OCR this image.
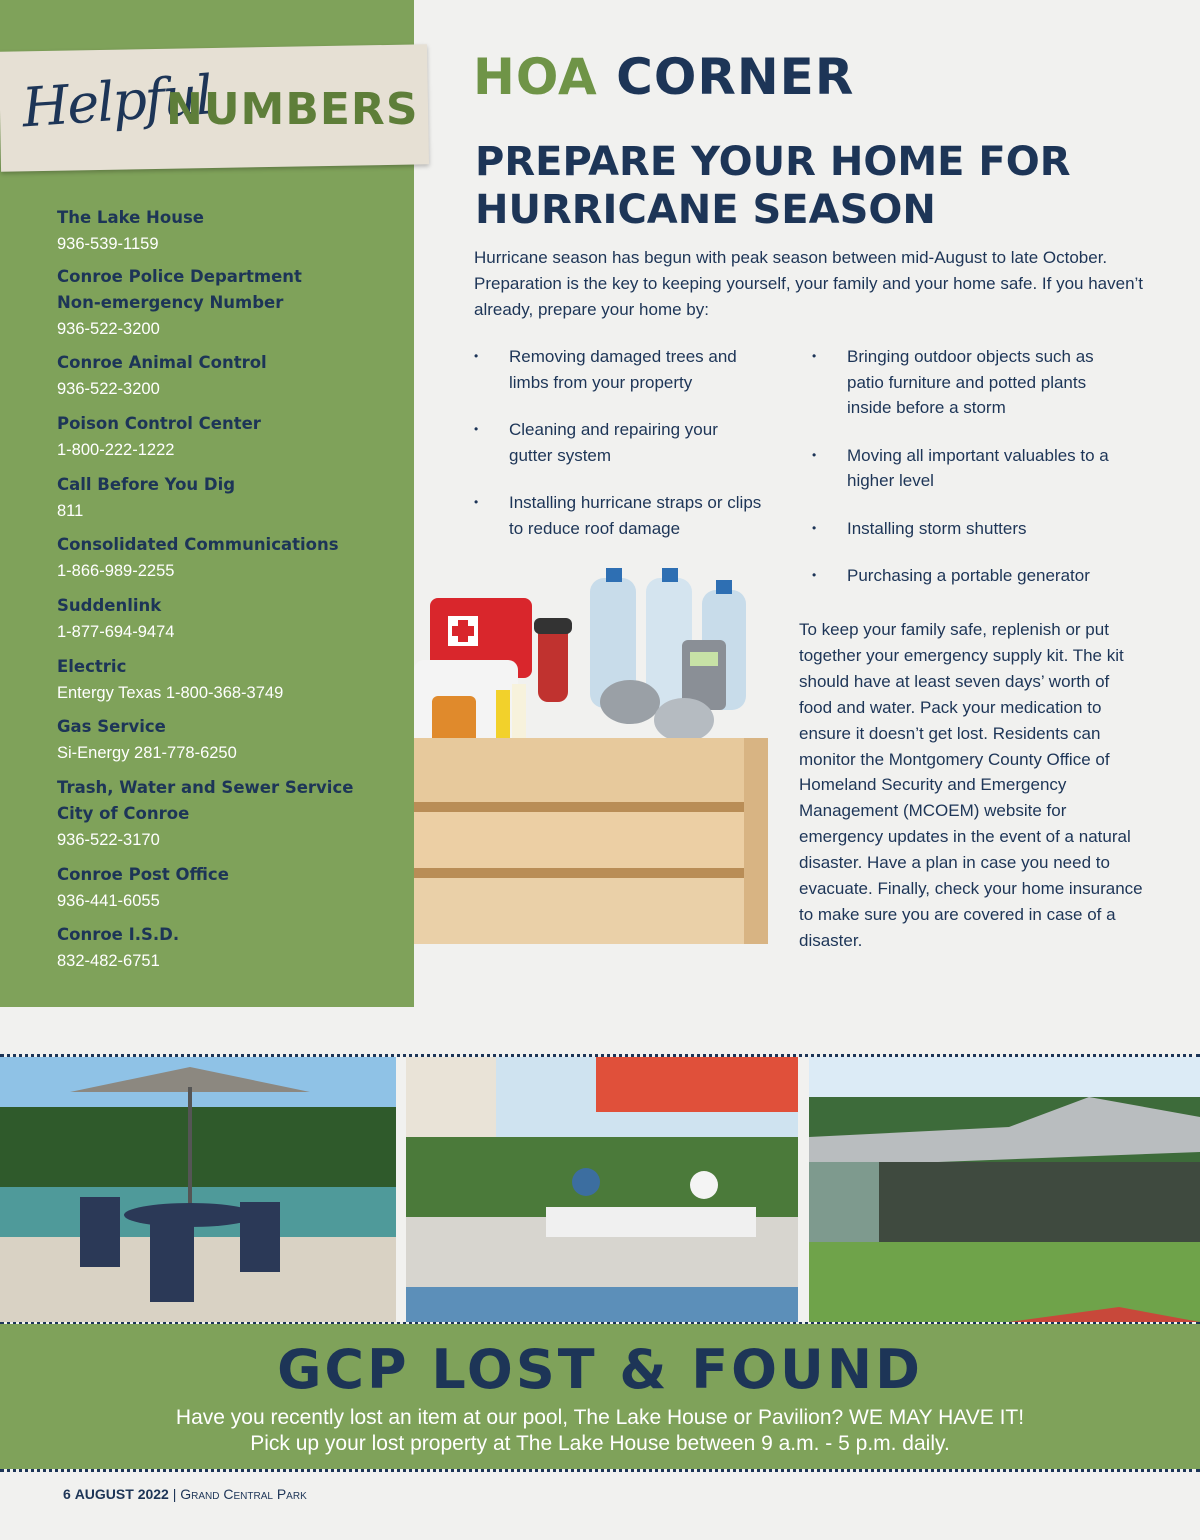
Helpful
NUMBERS
The Lake House
936-539-1159
Conroe Police Department
Non-emergency Number
936-522-3200
Conroe Animal Control
936-522-3200
Poison Control Center
1-800-222-1222
Call Before You Dig
811
Consolidated Communications
1-866-989-2255
Suddenlink
1-877-694-9474
Electric
Entergy Texas 1-800-368-3749
Gas Service
Si-Energy 281-778-6250
Trash, Water and Sewer Service
City of Conroe
936-522-3170
Conroe Post Office
936-441-6055
Conroe I.S.D.
832-482-6751
HOA CORNER
PREPARE YOUR HOME FOR
HURRICANE SEASON

Hurricane season has begun with peak season between mid-August to late October. Preparation is the key to keeping yourself, your family and your home safe. If you haven’t already, prepare your home by:

• Removing damaged trees and limbs from your property
• Cleaning and repairing your gutter system
• Installing hurricane straps or clips to reduce roof damage
• Bringing outdoor objects such as patio furniture and potted plants inside before a storm
• Moving all important valuables to a higher level
• Installing storm shutters
• Purchasing a portable generator

To keep your family safe, replenish or put together your emergency supply kit. The kit should have at least seven days’ worth of food and water. Pack your medication to ensure it doesn’t get lost. Residents can monitor the Montgomery County Office of Homeland Security and Emergency Management (MCOEM) website for emergency updates in the event of a natural disaster. Have a plan in case you need to evacuate. Finally, check your home insurance to make sure you are covered in case of a disaster.

GCP LOST & FOUND
Have you recently lost an item at our pool, The Lake House or Pavilion? WE MAY HAVE IT!
Pick up your lost property at The Lake House between 9 a.m. - 5 p.m. daily.
6 AUGUST 2022 | Grand Central Park
